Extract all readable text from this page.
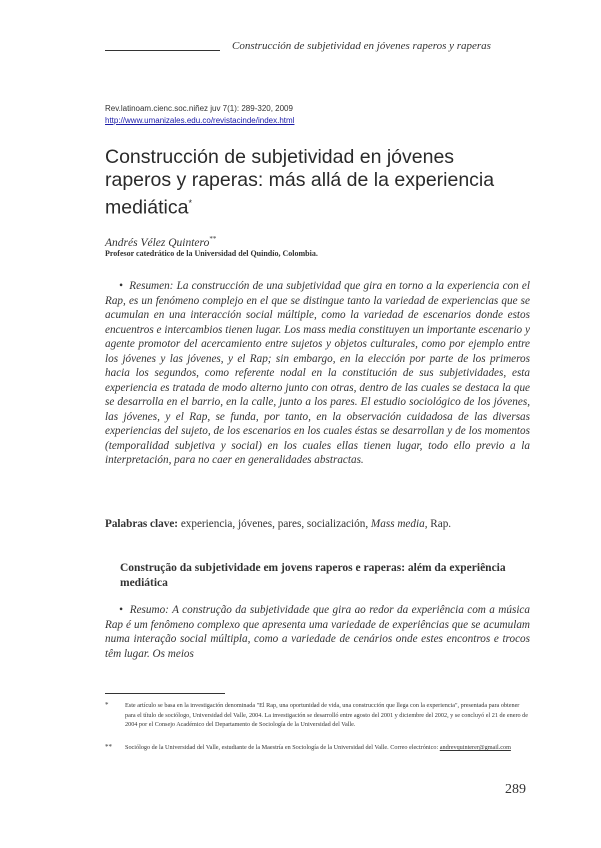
Construcción de subjetividad en jóvenes raperos y raperas
Rev.latinoam.cienc.soc.niñez juv 7(1): 289-320, 2009
http://www.umanizales.edu.co/revistacinde/index.html
Construcción de subjetividad en jóvenes raperos y raperas: más allá de la experiencia mediática*
Andrés Vélez Quintero**
Profesor catedrático de la Universidad del Quindío, Colombia.
• Resumen: La construcción de una subjetividad que gira en torno a la experiencia con el Rap, es un fenómeno complejo en el que se distingue tanto la variedad de experiencias que se acumulan en una interacción social múltiple, como la variedad de escenarios donde estos encuentros e intercambios tienen lugar. Los mass media constituyen un importante escenario y agente promotor del acercamiento entre sujetos y objetos culturales, como por ejemplo entre los jóvenes y las jóvenes, y el Rap; sin embargo, en la elección por parte de los primeros hacia los segundos, como referente nodal en la constitución de sus subjetividades, esta experiencia es tratada de modo alterno junto con otras, dentro de las cuales se destaca la que se desarrolla en el barrio, en la calle, junto a los pares. El estudio sociológico de los jóvenes, las jóvenes, y el Rap, se funda, por tanto, en la observación cuidadosa de las diversas experiencias del sujeto, de los escenarios en los cuales éstas se desarrollan y de los momentos (temporalidad subjetiva y social) en los cuales ellas tienen lugar, todo ello previo a la interpretación, para no caer en generalidades abstractas.
Palabras clave: experiencia, jóvenes, pares, socialización, Mass media, Rap.
Construção da subjetividade em jovens raperos e raperas: além da experiência mediática
• Resumo: A construção da subjetividade que gira ao redor da experiência com a música Rap é um fenômeno complexo que apresenta uma variedade de experiências que se acumulam numa interação social múltipla, como a variedade de cenários onde estes encontros e trocos têm lugar. Os meios
*	Este artículo se basa en la investigación denominada "El Rap, una oportunidad de vida, una construcción que llega con la experiencia", presentada para obtener para el título de sociólogo, Universidad del Valle, 2004. La investigación se desarrolló entre agosto del 2001 y diciembre del 2002, y se concluyó el 21 de enero de 2004 por el Consejo Académico del Departamento de Sociología de la Universidad del Valle.
**	Sociólogo de la Universidad del Valle, estudiante de la Maestría en Sociología de la Universidad del Valle. Correo electrónico: andrevquinterer@gmail.com
289
